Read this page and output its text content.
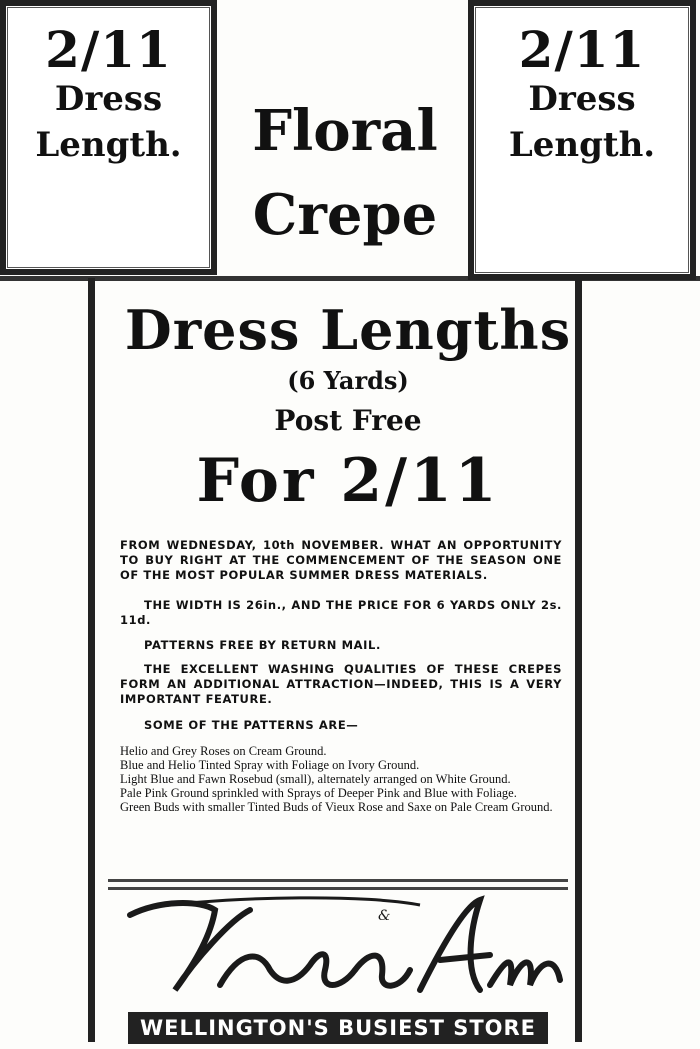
2/11
Dress
Length.
2/11
Dress
Length.
Floral
Crepe
Dress Lengths
(6 Yards)
Post Free
For 2/11

FROM WEDNESDAY, 10th NOVEMBER. WHAT AN OPPORTUNITY TO BUY RIGHT AT THE COMMENCEMENT OF THE SEASON ONE OF THE MOST POPULAR SUMMER DRESS MATERIALS.

THE WIDTH IS 26in., AND THE PRICE FOR 6 YARDS ONLY 2s. 11d.

PATTERNS FREE BY RETURN MAIL.

THE EXCELLENT WASHING QUALITIES OF THESE CREPES FORM AN ADDITIONAL ATTRACTION—INDEED, THIS IS A VERY IMPORTANT FEATURE.

SOME OF THE PATTERNS ARE—

Helio and Grey Roses on Cream Ground.
Blue and Helio Tinted Spray with Foliage on Ivory Ground.
Light Blue and Fawn Rosebud (small), alternately arranged on White Ground.
Pale Pink Ground sprinkled with Sprays of Deeper Pink and Blue with Foliage.
Green Buds with smaller Tinted Buds of Vieux Rose and Saxe on Pale Cream Ground.
&
WELLINGTON'S BUSIEST STORE
